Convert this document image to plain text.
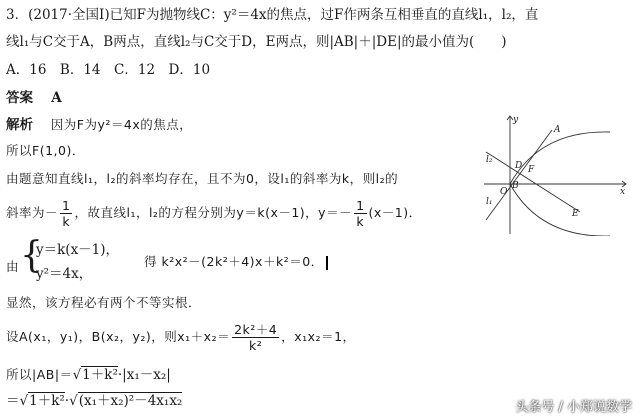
3．(2017·全国Ⅰ)已知F为抛物线C：y²＝4x的焦点，过F作两条互相垂直的直线l₁，l₂，直
线l₁与C交于A，B两点，直线l₂与C交于D，E两点，则|AB|＋|DE|的最小值为(　　)
A．16　B．14　C．12　D．10
答案　 A
解析　 因为F为y²＝4x的焦点，
所以F(1,0)．
由题意知直线l₁，l₂的斜率均存在，且不为0，设l₁的斜率为k，则l₂的
斜率为－ $\frac{1}{k}$ ，故直线l₁，l₂的方程分别为y＝k(x－1)，$y=- \frac{1}{k} (x-1)$．
由 {
y＝k(x－1)，
y²＝4x，
得 k²x²－(2k²＋4)x＋k²＝0．
显然，该方程必有两个不等实根．
设A(x₁，y₁)，B(x₂，y₂)，则$x_1+x_2= \frac{\text{2k²＋4}}{\text{k²}}$ ，x₁x₂＝1，
所以|AB|＝√1＋k²·|x₁－x₂|
＝√1＋k²·√(x₁＋x₂)²－4x₁x₂
y
x
O
A
B
D
E
F
l₁
l₂
头条号 / 小郑说数学
